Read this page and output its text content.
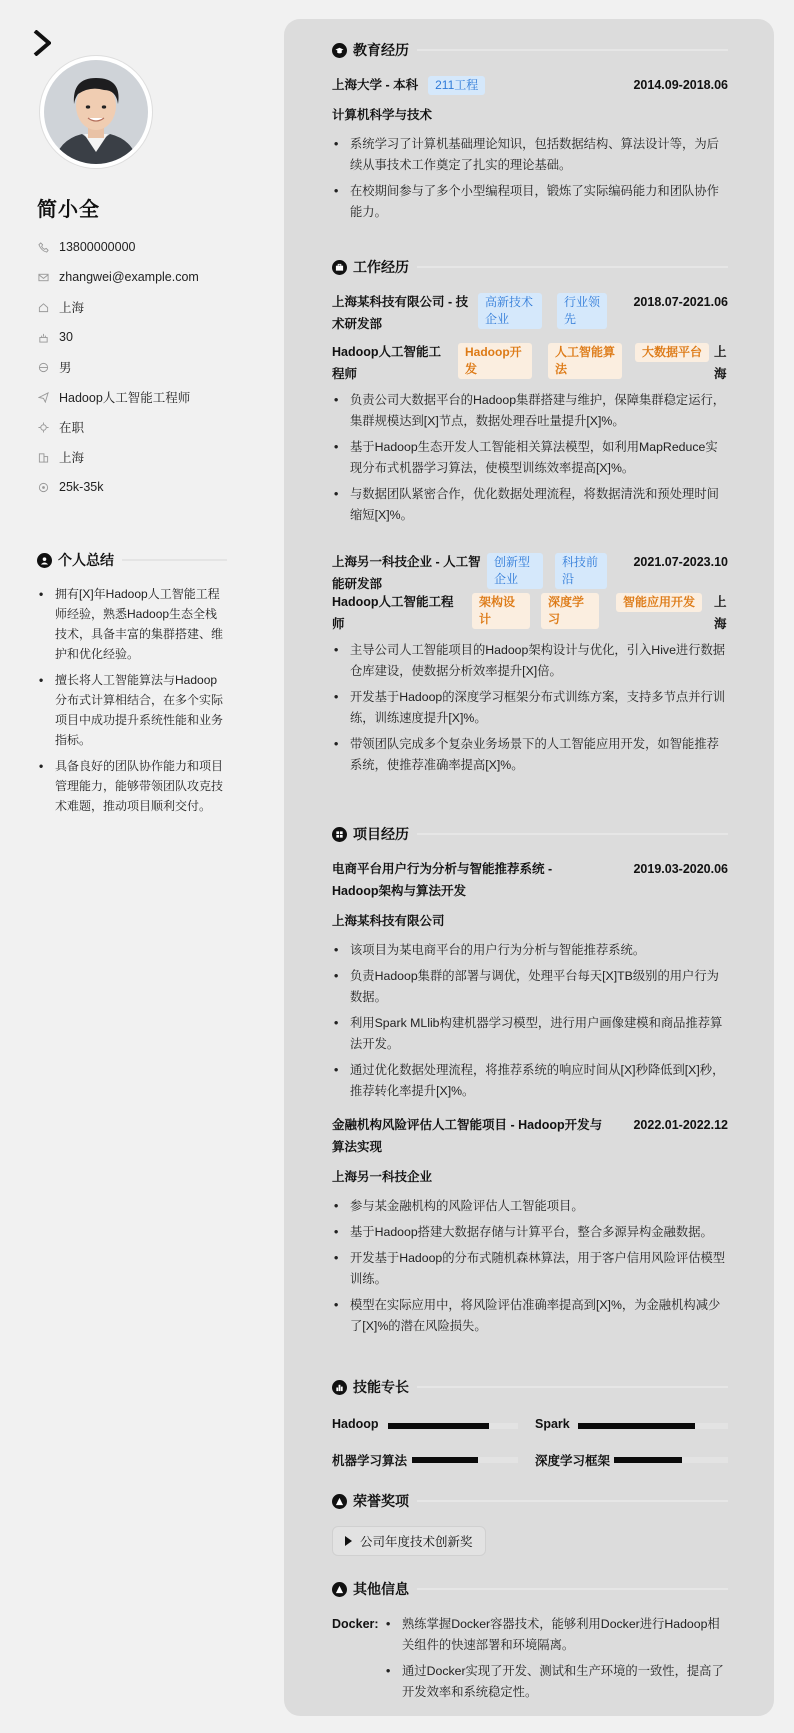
简小全
13800000000
zhangwei@example.com
上海
30
男
Hadoop人工智能工程师
在职
上海
25k-35k
个人总结
• 拥有[X]年Hadoop人工智能工程师经验，熟悉Hadoop生态全栈技术，具备丰富的集群搭建、维护和优化经验。
• 擅长将人工智能算法与Hadoop分布式计算相结合，在多个实际项目中成功提升系统性能和业务指标。
• 具备良好的团队协作能力和项目管理能力，能够带领团队攻克技术难题，推动项目顺利交付。
教育经历
上海大学 - 本科	211工程	2014.09-2018.06
计算机科学与技术
• 系统学习了计算机基础理论知识，包括数据结构、算法设计等，为后续从事技术工作奠定了扎实的理论基础。
• 在校期间参与了多个小型编程项目，锻炼了实际编码能力和团队协作能力。
工作经历
上海某科技有限公司 - 技术研发部
高新技术企业
行业领先
2018.07-2021.06
Hadoop人工智能工程师
Hadoop开发
人工智能算法
大数据平台 上海
• 负责公司大数据平台的Hadoop集群搭建与维护，保障集群稳定运行，集群规模达到[X]节点，数据处理吞吐量提升[X]%。
• 基于Hadoop生态开发人工智能相关算法模型，如利用MapReduce实现分布式机器学习算法，使模型训练效率提高[X]%。
• 与数据团队紧密合作，优化数据处理流程，将数据清洗和预处理时间缩短[X]%。
上海另一科技企业 - 人工智能研发部
创新型企业
科技前沿
2021.07-2023.10
Hadoop人工智能工程师
架构设计
深度学习
智能应用开发	上海
• 主导公司人工智能项目的Hadoop架构设计与优化，引入Hive进行数据仓库建设，使数据分析效率提升[X]倍。
• 开发基于Hadoop的深度学习框架分布式训练方案，支持多节点并行训练，训练速度提升[X]%。
• 带领团队完成多个复杂业务场景下的人工智能应用开发，如智能推荐系统，使推荐准确率提高[X]%。
项目经历
电商平台用户行为分析与智能推荐系统 - Hadoop架构与算法开发
2019.03-2020.06
上海某科技有限公司
• 该项目为某电商平台的用户行为分析与智能推荐系统。
• 负责Hadoop集群的部署与调优，处理平台每天[X]TB级别的用户行为数据。
• 利用Spark MLlib构建机器学习模型，进行用户画像建模和商品推荐算法开发。
• 通过优化数据处理流程，将推荐系统的响应时间从[X]秒降低到[X]秒，推荐转化率提升[X]%。
金融机构风险评估人工智能项目 - Hadoop开发与算法实现
2022.01-2022.12
上海另一科技企业
• 参与某金融机构的风险评估人工智能项目。
• 基于Hadoop搭建大数据存储与计算平台，整合多源异构金融数据。
• 开发基于Hadoop的分布式随机森林算法，用于客户信用风险评估模型训练。
• 模型在实际应用中，将风险评估准确率提高到[X]%，为金融机构减少了[X]%的潜在风险损失。
技能专长
Hadoop	Spark
机器学习算法	深度学习框架
荣誉奖项
公司年度技术创新奖
其他信息
Docker:
•	熟练掌握Docker容器技术，能够利用Docker进行Hadoop相关组件的快速部署和环境隔离。
• 通过Docker实现了开发、测试和生产环境的一致性，提高了开发效率和系统稳定性。
